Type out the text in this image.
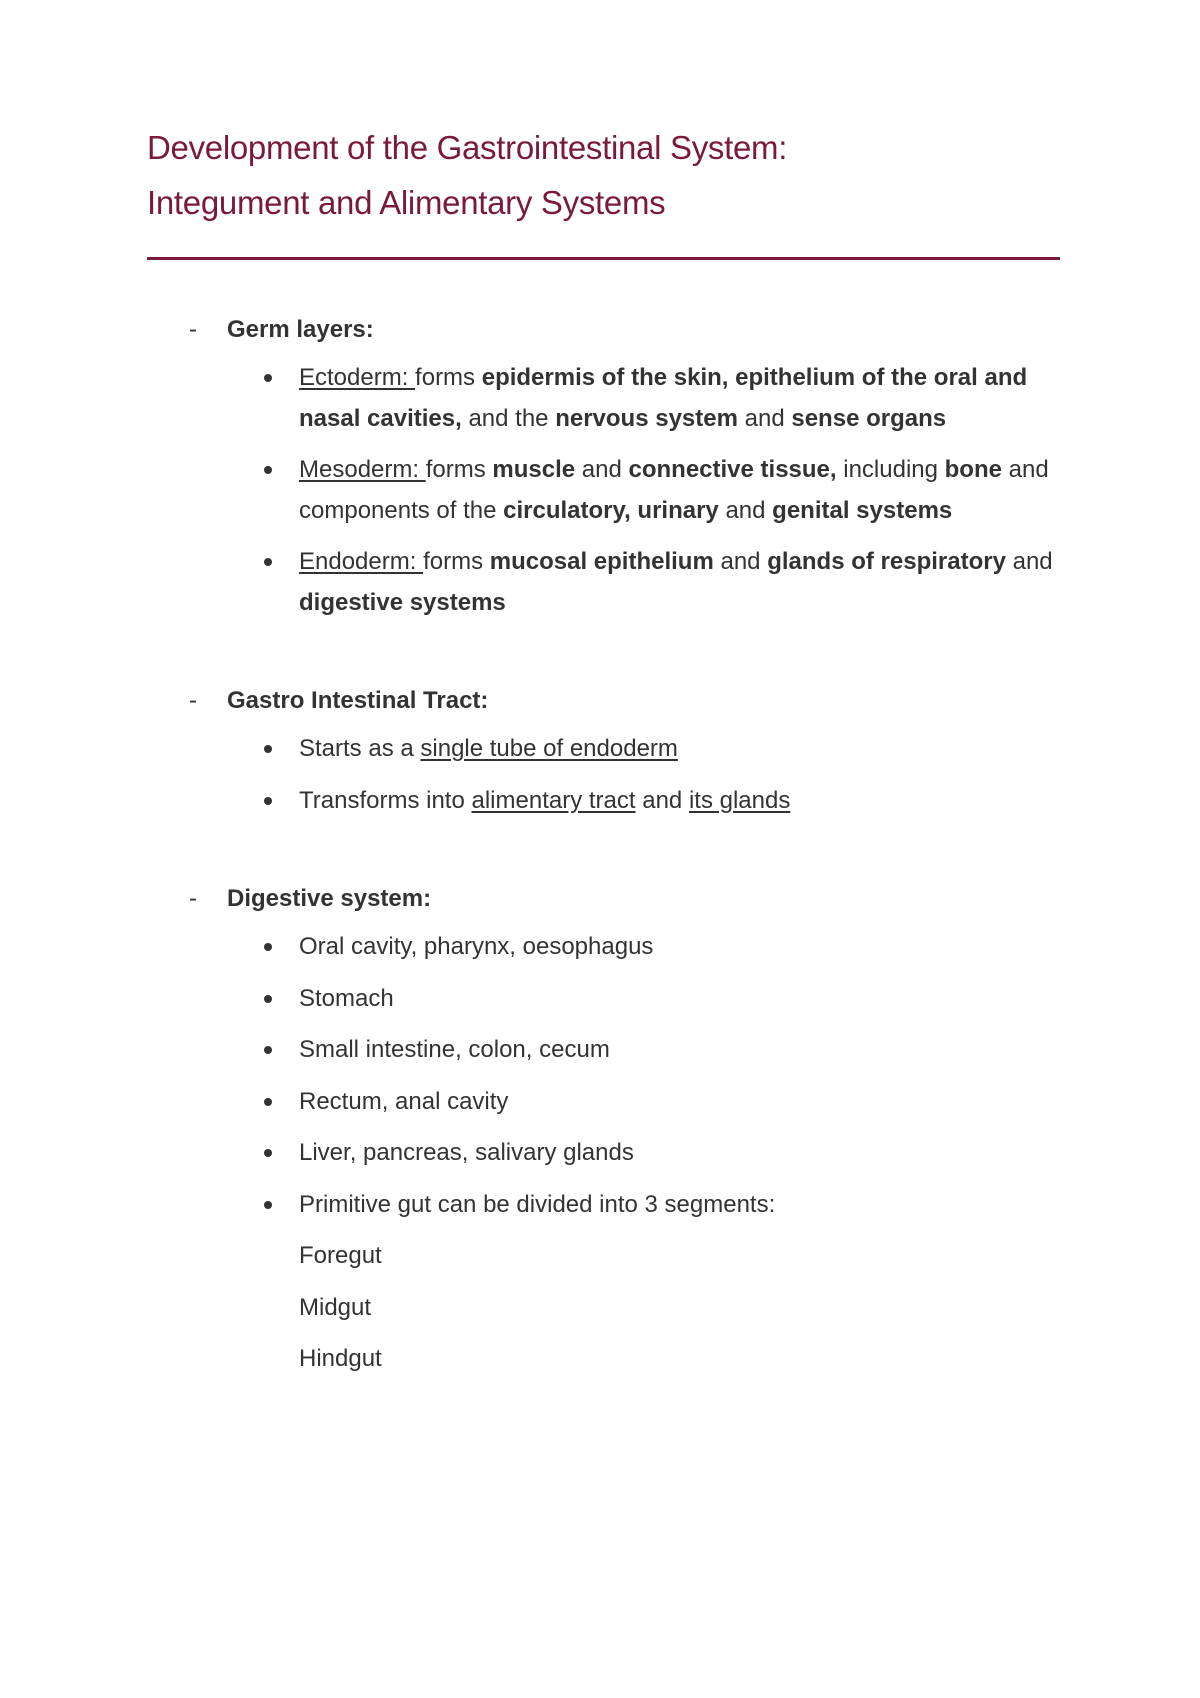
Development of the Gastrointestinal System:
Integument and Alimentary Systems
- Germ layers:
Ectoderm: forms epidermis of the skin, epithelium of the oral and nasal cavities, and the nervous system and sense organs
Mesoderm: forms muscle and connective tissue, including bone and components of the circulatory, urinary and genital systems
Endoderm: forms mucosal epithelium and glands of respiratory and digestive systems
- Gastro Intestinal Tract:
Starts as a single tube of endoderm
Transforms into alimentary tract and its glands
- Digestive system:
Oral cavity, pharynx, oesophagus
Stomach
Small intestine, colon, cecum
Rectum, anal cavity
Liver, pancreas, salivary glands
Primitive gut can be divided into 3 segments:
Foregut
Midgut
Hindgut
